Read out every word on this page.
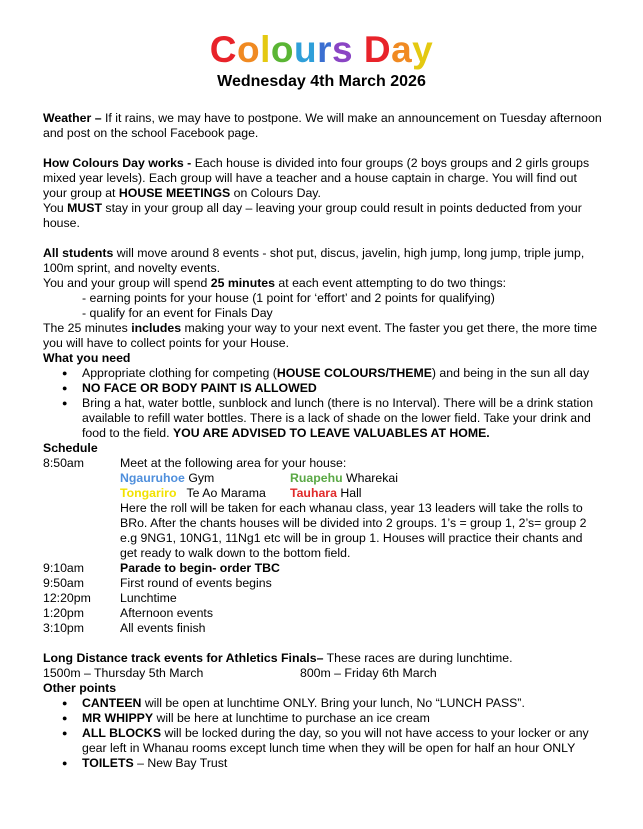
Colours Day
Wednesday 4th March 2026

Weather – If it rains, we may have to postpone. We will make an announcement on Tuesday afternoon and post on the school Facebook page.

How Colours Day works - Each house is divided into four groups (2 boys groups and 2 girls groups mixed year levels). Each group will have a teacher and a house captain in charge. You will find out your group at HOUSE MEETINGS on Colours Day.

You MUST stay in your group all day – leaving your group could result in points deducted from your house.

All students will move around 8 events - shot put, discus, javelin, high jump, long jump, triple jump, 100m sprint, and novelty events.

You and your group will spend 25 minutes at each event attempting to do two things:

- earning points for your house (1 point for ‘effort’ and 2 points for qualifying)

- qualify for an event for Finals Day

The 25 minutes includes making your way to your next event. The faster you get there, the more time you will have to collect points for your House.

What you need

● Appropriate clothing for competing (HOUSE COLOURS/THEME) and being in the sun all day
● NO FACE OR BODY PAINT IS ALLOWED
● Bring a hat, water bottle, sunblock and lunch (there is no Interval). There will be a drink station available to refill water bottles. There is a lack of shade on the lower field. Take your drink and food to the field. YOU ARE ADVISED TO LEAVE VALUABLES AT HOME.

Schedule

8:50am	Meet at the following area for your house:

Ngauruhoe Gym	Ruapehu Wharekai
Tongariro   Te Ao Marama	Tauhara Hall

Here the roll will be taken for each whanau class, year 13 leaders will take the rolls to BRo. After the chants houses will be divided into 2 groups. 1’s = group 1, 2’s= group 2 e.g 9NG1, 10NG1, 11Ng1 etc will be in group 1. Houses will practice their chants and get ready to walk down to the bottom field.

9:10am	Parade to begin- order TBC
9:50am	First round of events begins
12:20pm	Lunchtime
1:20pm	Afternoon events
3:10pm	All events finish

Long Distance track events for Athletics Finals– These races are during lunchtime.

1500m – Thursday 5th March	800m – Friday 6th March

Other points

● CANTEEN will be open at lunchtime ONLY. Bring your lunch, No “LUNCH PASS”.
● MR WHIPPY will be here at lunchtime to purchase an ice cream
● ALL BLOCKS will be locked during the day, so you will not have access to your locker or any gear left in Whanau rooms except lunch time when they will be open for half an hour ONLY
● TOILETS – New Bay Trust
